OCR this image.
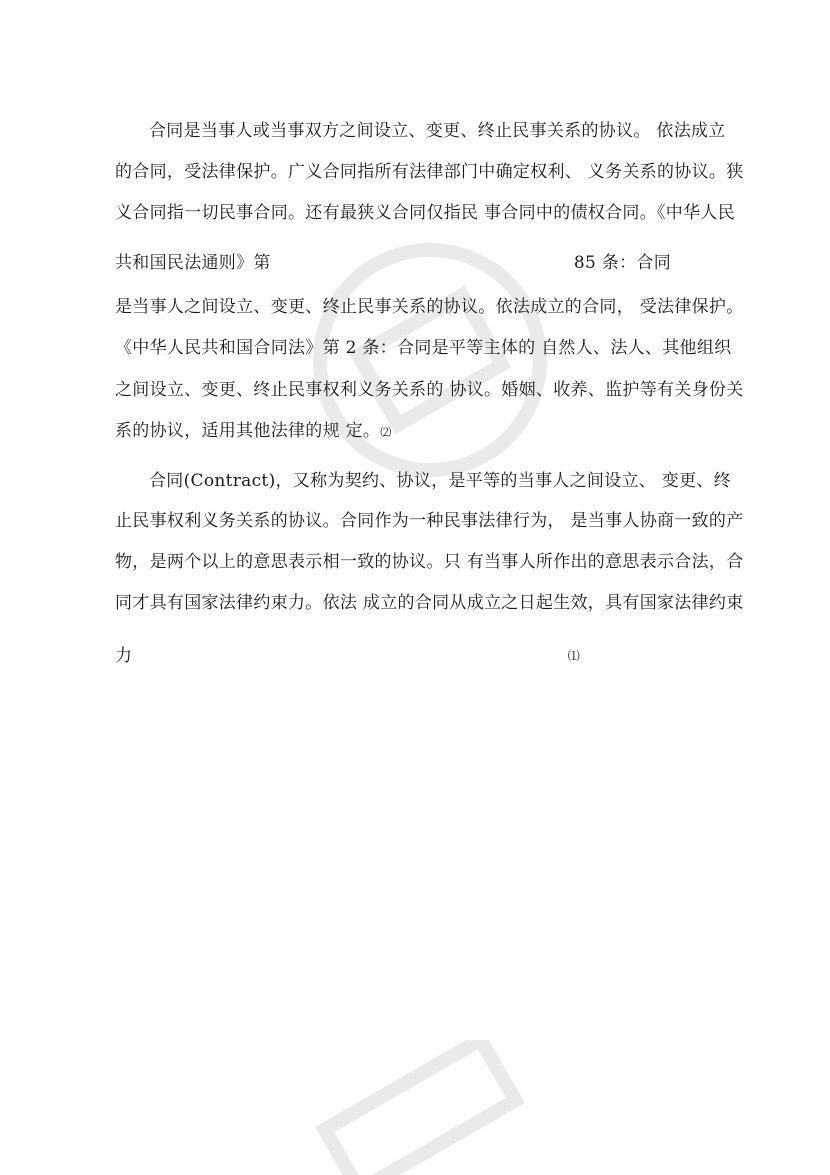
合同是当事人或当事双方之间设立、变更、终止民事关系的协议。 依法成立
的合同，受法律保护。广义合同指所有法律部门中确定权利、 义务关系的协议。狭
义合同指一切民事合同。还有最狭义合同仅指民 事合同中的债权合同。《中华人民
共和国民法通则》第	85 条：合同
是当事人之间设立、变更、终止民事关系的协议。依法成立的合同， 受法律保护。
《中华人民共和国合同法》第 2 条：合同是平等主体的 自然人、法人、其他组织
之间设立、变更、终止民事权利义务关系的 协议。婚姻、收养、监护等有关身份关
系的协议，适用其他法律的规 定。⑵
合同(Contract)，又称为契约、协议，是平等的当事人之间设立、 变更、终
止民事权利义务关系的协议。合同作为一种民事法律行为， 是当事人协商一致的产
物，是两个以上的意思表示相一致的协议。只 有当事人所作出的意思表示合法，合
同才具有国家法律约束力。依法 成立的合同从成立之日起生效，具有国家法律约束
力	⑴
